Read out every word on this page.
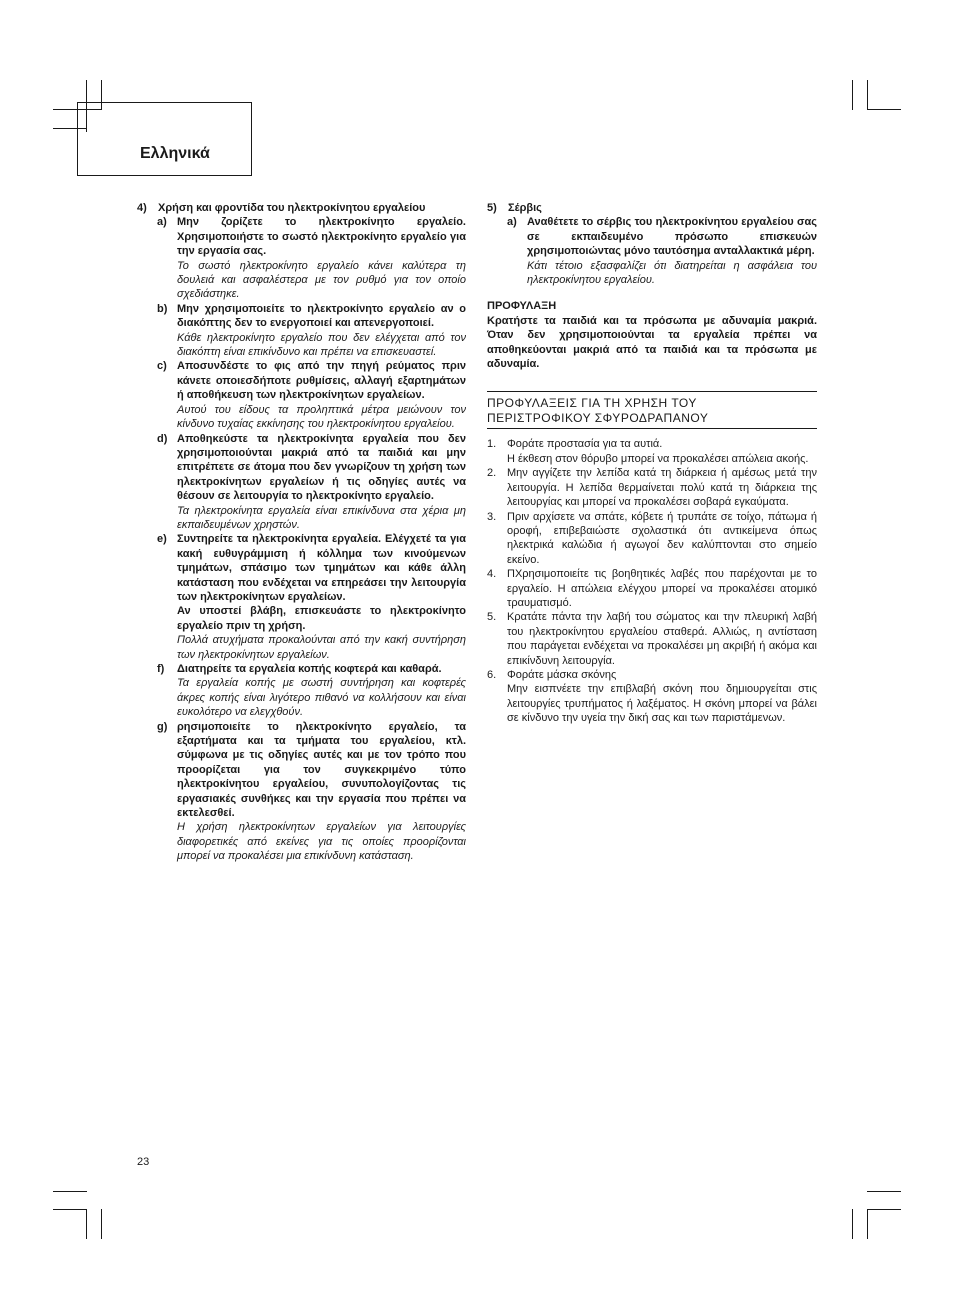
Ελληνικά
4)	Χρήση και φροντίδα του ηλεκτροκίνητου εργαλείου
a) Μην ζορίζετε το ηλεκτροκίνητο εργαλείο. Χρησιμοποιήστε το σωστό ηλεκτροκίνητο εργαλείο για την εργασία σας.
Το σωστό ηλεκτροκίνητο εργαλείο κάνει καλύτερα τη δουλειά και ασφαλέστερα με τον ρυθμό για τον οποίο σχεδιάστηκε.
b) Μην χρησιμοποιείτε το ηλεκτροκίνητο εργαλείο αν ο διακόπτης δεν το ενεργοποιεί και απενεργοποιεί.
Κάθε ηλεκτροκίνητο εργαλείο που δεν ελέγχεται από τον διακόπτη είναι επικίνδυνο και πρέπει να επισκευαστεί.
c) Αποσυνδέστε το φις από την πηγή ρεύματος πριν κάνετε οποιεσδήποτε ρυθμίσεις, αλλαγή εξαρτημάτων ή αποθήκευση των ηλεκτροκίνητων εργαλείων.
Αυτού του είδους τα προληπτικά μέτρα μειώνουν τον κίνδυνο τυχαίας εκκίνησης του ηλεκτροκίνητου εργαλείου.
d) Αποθηκεύστε τα ηλεκτροκίνητα εργαλεία που δεν χρησιμοποιούνται μακριά από τα παιδιά και μην επιτρέπετε σε άτομα που δεν γνωρίζουν τη χρήση των ηλεκτροκίνητων εργαλείων ή τις οδηγίες αυτές να θέσουν σε λειτουργία το ηλεκτροκίνητο εργαλείο.
Τα ηλεκτροκίνητα εργαλεία είναι επικίνδυνα στα χέρια μη εκπαιδευμένων χρηστών.
e) Συντηρείτε τα ηλεκτροκίνητα εργαλεία. Ελέγχετέ τα για κακή ευθυγράμμιση ή κόλλημα των κινούμενων τμημάτων, σπάσιμο των τμημάτων και κάθε άλλη κατάσταση που ενδέχεται να επηρεάσει την λειτουργία των ηλεκτροκίνητων εργαλείων.
Αν υποστεί βλάβη, επισκευάστε το ηλεκτροκίνητο εργαλείο πριν τη χρήση.
Πολλά ατυχήματα προκαλούνται από την κακή συντήρηση των ηλεκτροκίνητων εργαλείων.
f)	Διατηρείτε τα εργαλεία κοπής κοφτερά και καθαρά.
Τα εργαλεία κοπής με σωστή συντήρηση και κοφτερές άκρες κοπής είναι λιγότερο πιθανό να κολλήσουν και είναι ευκολότερο να ελεγχθούν.
g) ρησιμοποιείτε το ηλεκτροκίνητο εργαλείο, τα εξαρτήματα και τα τμήματα του εργαλείου, κτλ. σύμφωνα με τις οδηγίες αυτές και με τον τρόπο που προορίζεται για τον συγκεκριμένο τύπο ηλεκτροκίνητου εργαλείου, συνυπολογίζοντας τις εργασιακές συνθήκες και την εργασία που πρέπει να εκτελεσθεί.
Η χρήση ηλεκτροκίνητων εργαλείων για λειτουργίες διαφορετικές από εκείνες για τις οποίες προορίζονται μπορεί να προκαλέσει μια επικίνδυνη κατάσταση.
5)	Σέρβις
a) Αναθέτετε το σέρβις του ηλεκτροκίνητου εργαλείου σας σε εκπαιδευμένο πρόσωπο επισκευών χρησιμοποιώντας μόνο ταυτόσημα ανταλλακτικά μέρη.
Κάτι τέτοιο εξασφαλίζει ότι διατηρείται η ασφάλεια του ηλεκτροκίνητου εργαλείου.
ΠΡΟΦΥΛΑΞΗ
Κρατήστε τα παιδιά και τα πρόσωπα με αδυναμία μακριά. Όταν δεν χρησιμοποιούνται τα εργαλεία πρέπει να αποθηκεύονται μακριά από τα παιδιά και τα πρόσωπα με αδυναμία.
ΠΡΟΦΥΛΑΞΕΙΣ ΓΙΑ ΤΗ ΧΡΗΣΗ ΤΟΥ
ΠΕΡΙΣΤΡΟΦΙΚΟΥ ΣΦΥΡΟΔΡΑΠΑΝΟΥ
1. Φοράτε προστασία για τα αυτιά.
Η έκθεση στον θόρυβο μπορεί να προκαλέσει απώλεια ακοής.
2. Μην αγγίζετε την λεπίδα κατά τη διάρκεια ή αμέσως μετά την λειτουργία. Η λεπίδα θερμαίνεται πολύ κατά τη διάρκεια της λειτουργίας και μπορεί να προκαλέσει σοβαρά εγκαύματα.
3. Πριν αρχίσετε να σπάτε, κόβετε ή τρυπάτε σε τοίχο, πάτωμα ή οροφή, επιβεβαιώστε σχολαστικά ότι αντικείμενα όπως ηλεκτρικά καλώδια ή αγωγοί δεν καλύπτονται στο σημείο εκείνο.
4. ΠΧρησιμοποιείτε τις βοηθητικές λαβές που παρέχονται με το εργαλείο. Η απώλεια ελέγχου μπορεί να προκαλέσει ατομικό τραυματισμό.
5. Κρατάτε πάντα την λαβή του σώματος και την πλευρική λαβή του ηλεκτροκίνητου εργαλείου σταθερά. Αλλιώς, η αντίσταση που παράγεται ενδέχεται να προκαλέσει μη ακριβή ή ακόμα και επικίνδυνη λειτουργία.
6. Φοράτε μάσκα σκόνης
Μην εισπνέετε την επιβλαβή σκόνη που δημιουργείται στις λειτουργίες τρυπήματος ή λαξέματος. Η σκόνη μπορεί να βάλει σε κίνδυνο την υγεία την δική σας και των παριστάμενων.
23
